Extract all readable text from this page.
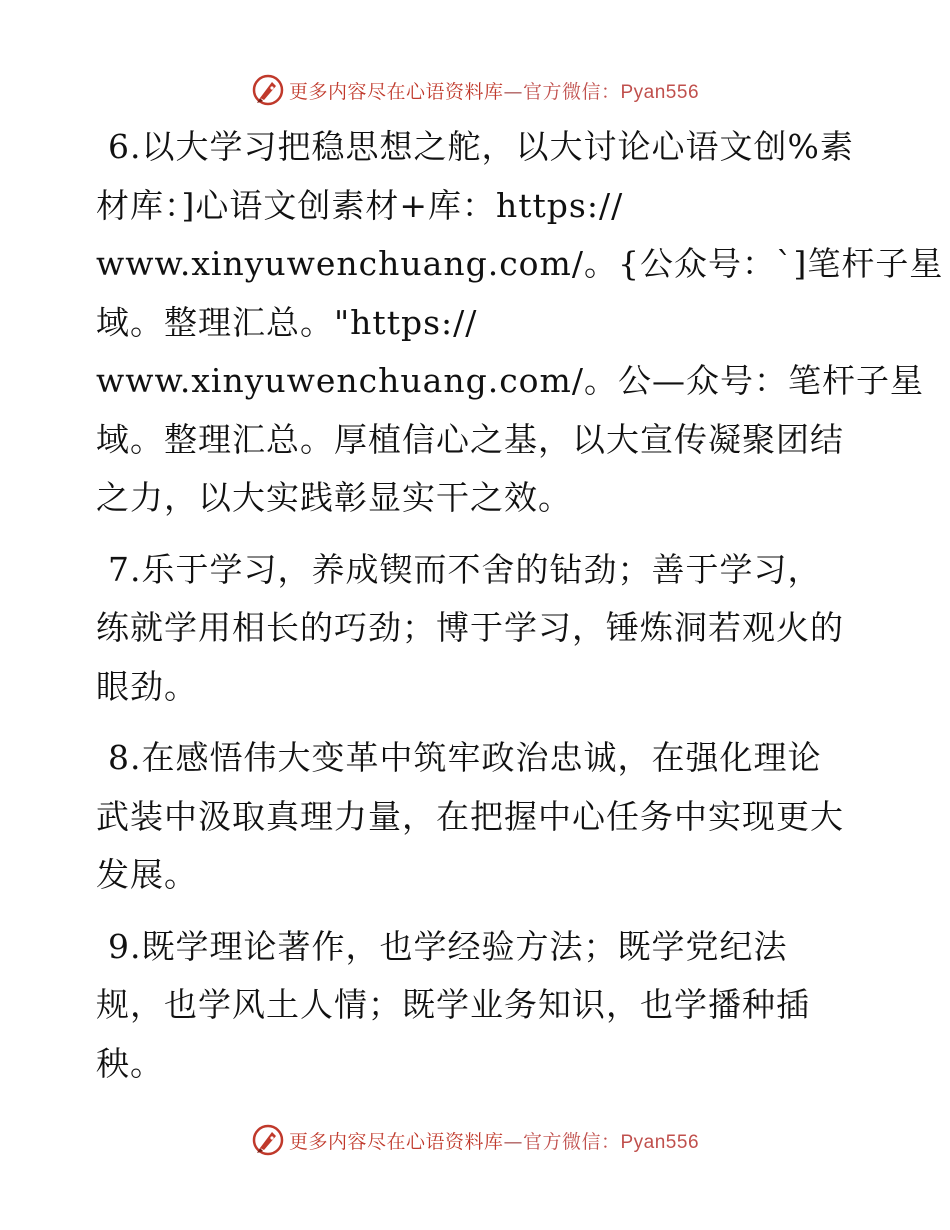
更多内容尽在心语资料库—官方微信：Pyan556

6.以大学习把稳思想之舵，以大讨论心语文创%素
材库：]心语文创素材+库：https://
www.xinyuwenchuang.com/。{公众号：`]笔杆子星
域。整理汇总。"https://
www.xinyuwenchuang.com/。公—众号：笔杆子星
域。整理汇总。厚植信心之基，以大宣传凝聚团结
之力，以大实践彰显实干之效。

7.乐于学习，养成锲而不舍的钻劲；善于学习，
练就学用相长的巧劲；博于学习，锤炼洞若观火的
眼劲。

8.在感悟伟大变革中筑牢政治忠诚，在强化理论
武装中汲取真理力量，在把握中心任务中实现更大
发展。

9.既学理论著作，也学经验方法；既学党纪法
规，也学风土人情；既学业务知识，也学播种插
秧。

更多内容尽在心语资料库—官方微信：Pyan556
